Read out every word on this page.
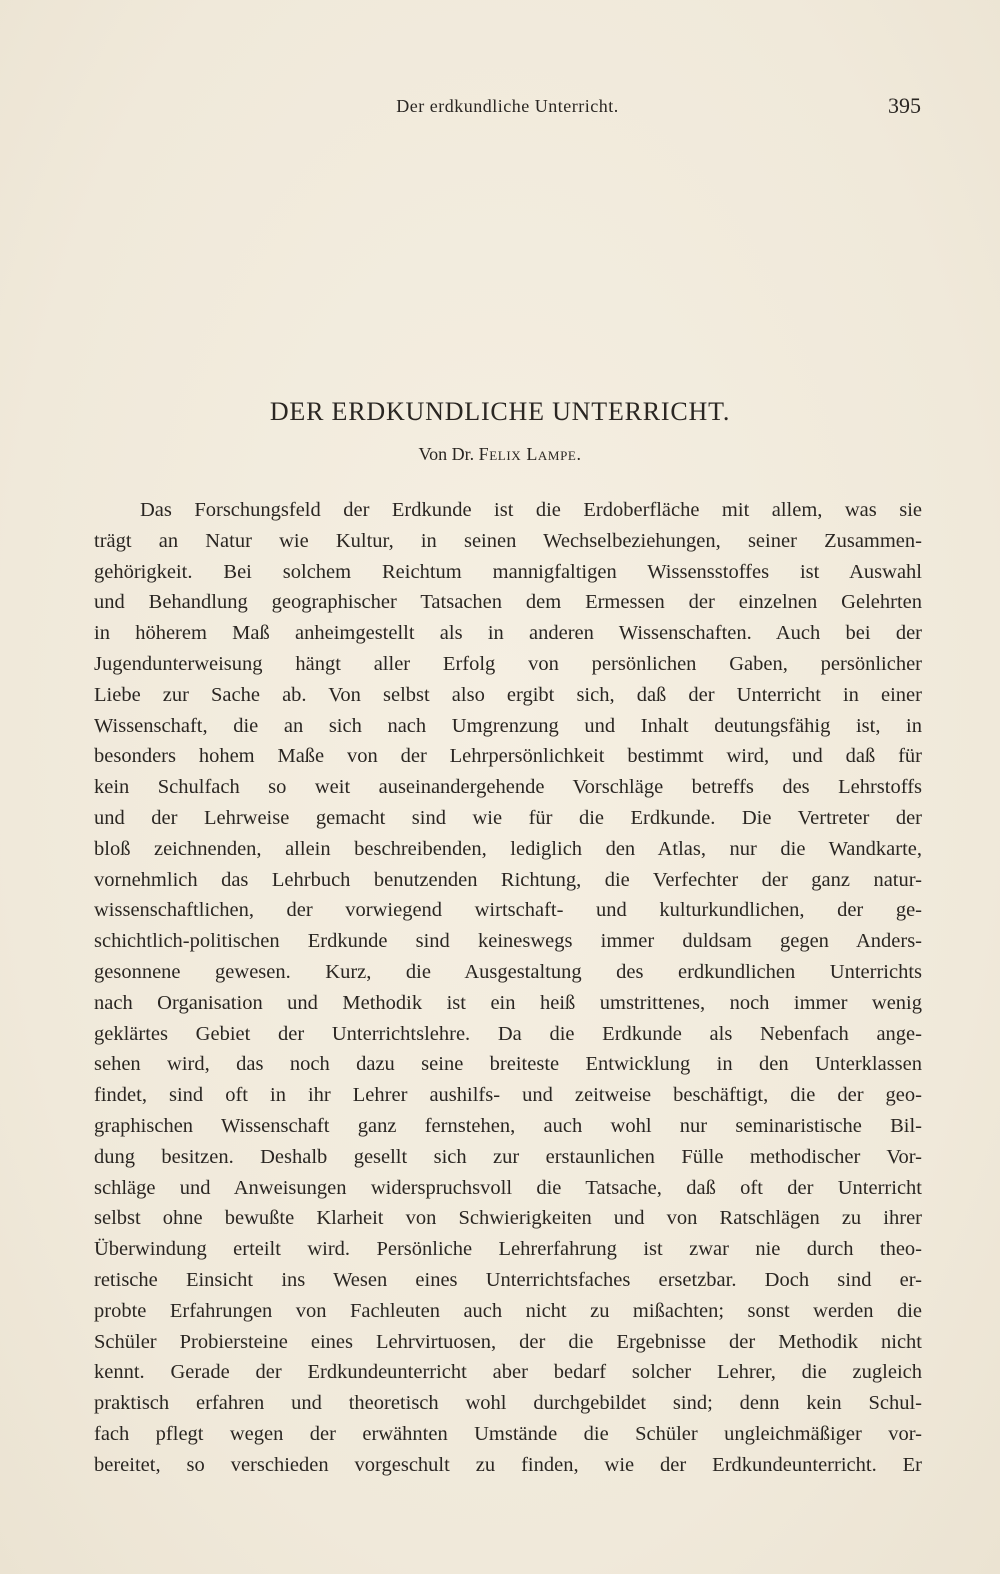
Der erdkundliche Unterricht.	395
DER ERDKUNDLICHE UNTERRICHT.
Von Dr. Felix Lampe.
Das Forschungsfeld der Erdkunde ist die Erdoberfläche mit allem, was sie
trägt an Natur wie Kultur, in seinen Wechselbeziehungen, seiner Zusammen-
gehörigkeit. Bei solchem Reichtum mannigfaltigen Wissensstoffes ist Auswahl
und Behandlung geographischer Tatsachen dem Ermessen der einzelnen Gelehrten
in höherem Maß anheimgestellt als in anderen Wissenschaften. Auch bei der
Jugendunterweisung hängt aller Erfolg von persönlichen Gaben, persönlicher
Liebe zur Sache ab. Von selbst also ergibt sich, daß der Unterricht in einer
Wissenschaft, die an sich nach Umgrenzung und Inhalt deutungsfähig ist, in
besonders hohem Maße von der Lehrpersönlichkeit bestimmt wird, und daß für
kein Schulfach so weit auseinandergehende Vorschläge betreffs des Lehrstoffs
und der Lehrweise gemacht sind wie für die Erdkunde. Die Vertreter der
bloß zeichnenden, allein beschreibenden, lediglich den Atlas, nur die Wandkarte,
vornehmlich das Lehrbuch benutzenden Richtung, die Verfechter der ganz natur-
wissenschaftlichen, der vorwiegend wirtschaft- und kulturkundlichen, der ge-
schichtlich-politischen Erdkunde sind keineswegs immer duldsam gegen Anders-
gesonnene gewesen. Kurz, die Ausgestaltung des erdkundlichen Unterrichts
nach Organisation und Methodik ist ein heiß umstrittenes, noch immer wenig
geklärtes Gebiet der Unterrichtslehre. Da die Erdkunde als Nebenfach ange-
sehen wird, das noch dazu seine breiteste Entwicklung in den Unterklassen
findet, sind oft in ihr Lehrer aushilfs- und zeitweise beschäftigt, die der geo-
graphischen Wissenschaft ganz fernstehen, auch wohl nur seminaristische Bil-
dung besitzen. Deshalb gesellt sich zur erstaunlichen Fülle methodischer Vor-
schläge und Anweisungen widerspruchsvoll die Tatsache, daß oft der Unterricht
selbst ohne bewußte Klarheit von Schwierigkeiten und von Ratschlägen zu ihrer
Überwindung erteilt wird. Persönliche Lehrerfahrung ist zwar nie durch theo-
retische Einsicht ins Wesen eines Unterrichtsfaches ersetzbar. Doch sind er-
probte Erfahrungen von Fachleuten auch nicht zu mißachten; sonst werden die
Schüler Probiersteine eines Lehrvirtuosen, der die Ergebnisse der Methodik nicht
kennt. Gerade der Erdkundeunterricht aber bedarf solcher Lehrer, die zugleich
praktisch erfahren und theoretisch wohl durchgebildet sind; denn kein Schul-
fach pflegt wegen der erwähnten Umstände die Schüler ungleichmäßiger vor-
bereitet, so verschieden vorgeschult zu finden, wie der Erdkundeunterricht. Er
